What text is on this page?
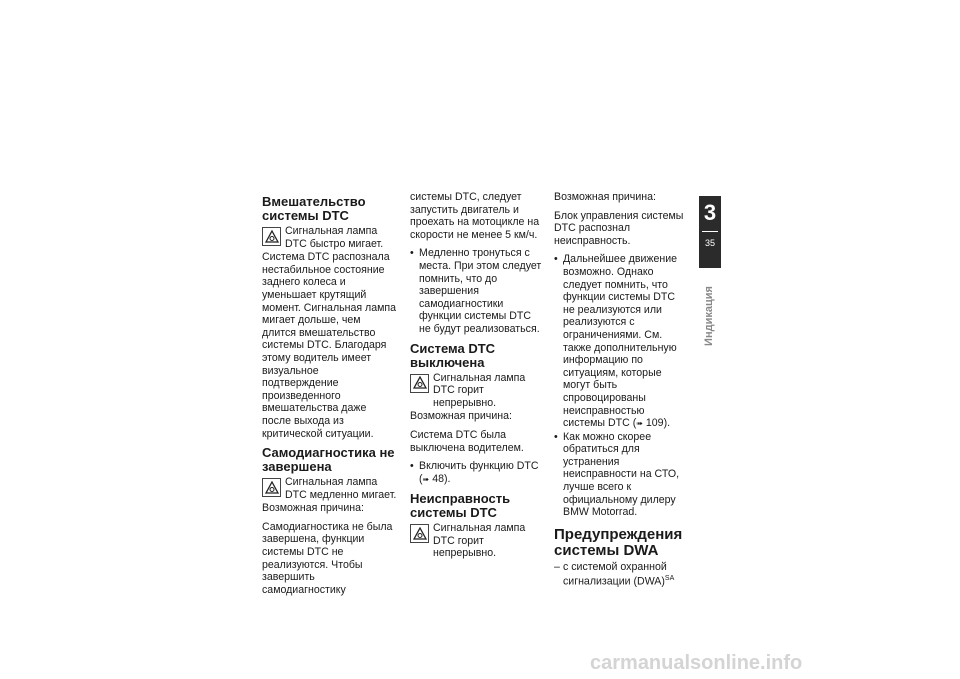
Вмешательство системы DTC
Сигнальная лампа DTC быстро мигает.

Система DTC распознала нестабильное состояние заднего колеса и уменьшает крутящий момент. Сигнальная лампа мигает дольше, чем длится вмешательство системы DTC. Благодаря этому водитель имеет визуальное подтверждение произведенного вмешательства даже после выхода из критической ситуации.

Самодиагностика не завершена
Сигнальная лампа DTC медленно мигает.

Возможная причина:

Самодиагностика не была завершена, функции системы DTC не реализуются. Чтобы завершить самодиагностику

системы DTC, следует запустить двигатель и проехать на мотоцикле на скорости не менее 5 км/ч.

• Медленно тронуться с места. При этом следует помнить, что до завершения самодиагностики функции системы DTC не будут реализоваться.
Система DTC выключена
Сигнальная лампа DTC горит непрерывно.

Возможная причина:

Система DTC была выключена водителем.

• Включить функцию DTC
(➠ 48).
Неисправность системы DTC
Сигнальная лампа DTC горит непрерывно.

Возможная причина:

Блок управления системы DTC распознал неисправность.

• Дальнейшее движение возможно. Однако следует помнить, что функции системы DTC не реализуются или реализуются с ограничениями. См. также дополнительную информацию по ситуациям, которые могут быть спровоцированы неисправностью системы DTC (➠ 109).
• Как можно скорее обратиться для устранения неисправности на СТО, лучше всего к официальному дилеру BMW Motorrad.
Предупреждения системы DWA
– с системой охранной сигнализации (DWA)$^{SA}$
3
35
Индикация
carmanualsonline.info
